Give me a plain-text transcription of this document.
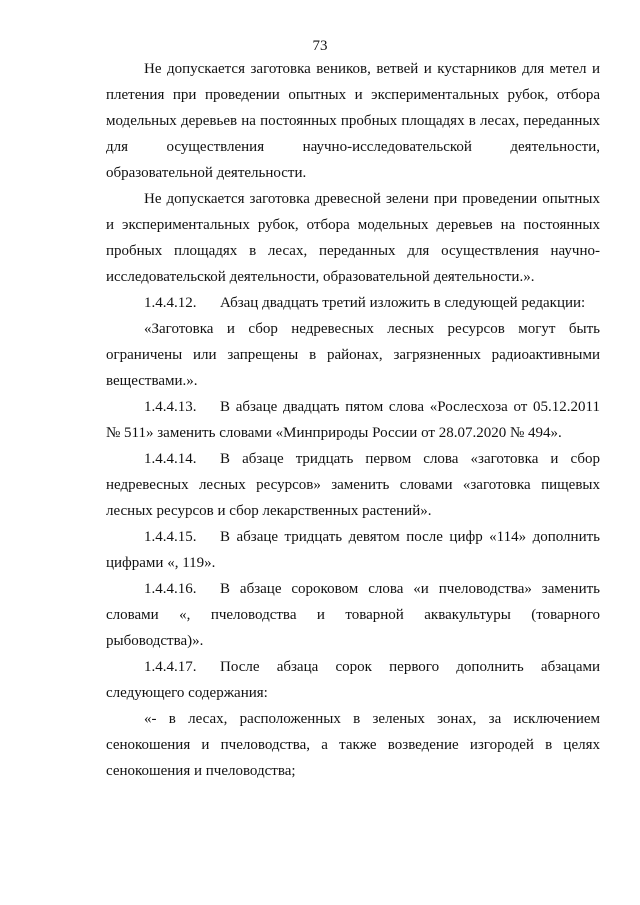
73
Не допускается заготовка веников, ветвей и кустарников для метел и
плетения при проведении опытных и экспериментальных рубок, отбора
модельных деревьев на постоянных пробных площадях в лесах, переданных
для осуществления научно-исследовательской деятельности,
образовательной деятельности.
Не допускается заготовка древесной зелени при проведении опытных
и экспериментальных рубок, отбора модельных деревьев на постоянных
пробных площадях в лесах, переданных для осуществления научно-
исследовательской деятельности, образовательной деятельности.».
1.4.4.12. Абзац двадцать третий изложить в следующей редакции:
«Заготовка и сбор недревесных лесных ресурсов могут быть
ограничены или запрещены в районах, загрязненных радиоактивными
веществами.».
1.4.4.13. В абзаце двадцать пятом слова «Рослесхоза от 05.12.2011
№ 511» заменить словами «Минприроды России от 28.07.2020 № 494».
1.4.4.14. В абзаце тридцать первом слова «заготовка и сбор
недревесных лесных ресурсов» заменить словами «заготовка пищевых
лесных ресурсов и сбор лекарственных растений».
1.4.4.15. В абзаце тридцать девятом после цифр «114» дополнить
цифрами «, 119».
1.4.4.16. В абзаце сороковом слова «и пчеловодства» заменить
словами «, пчеловодства и товарной аквакультуры (товарного
рыбоводства)».
1.4.4.17. После абзаца сорок первого дополнить абзацами
следующего содержания:
«- в лесах, расположенных в зеленых зонах, за исключением
сенокошения и пчеловодства, а также возведение изгородей в целях
сенокошения и пчеловодства;
